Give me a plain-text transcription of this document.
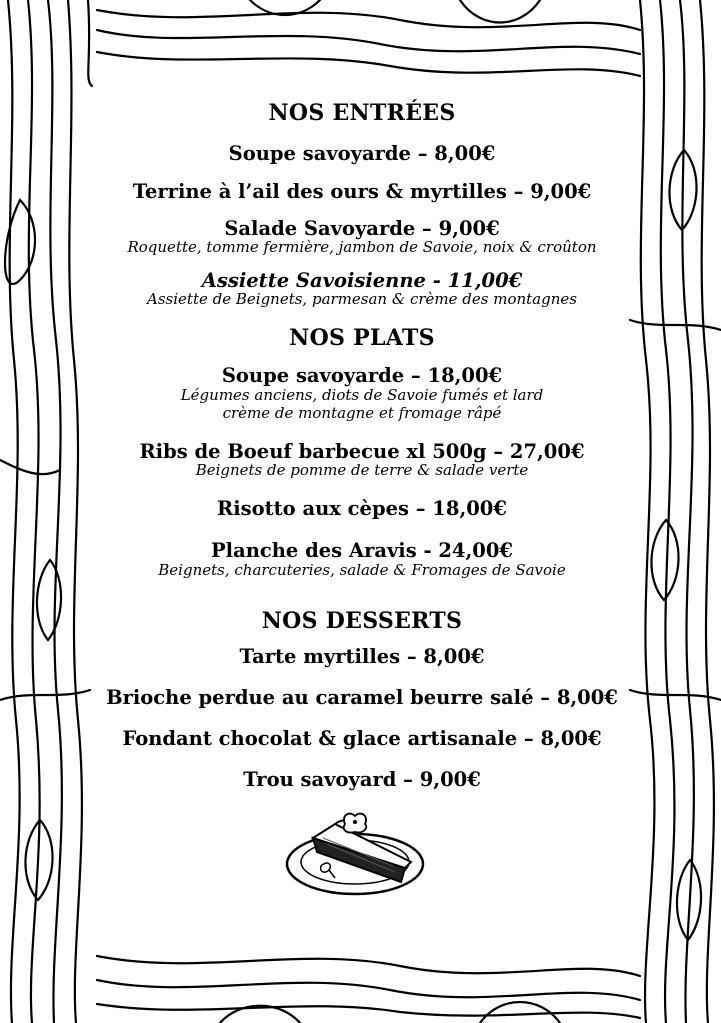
NOS ENTRÉES
Soupe savoyarde – 8,00€
Terrine à l’ail des ours & myrtilles – 9,00€
Salade Savoyarde – 9,00€
Roquette, tomme fermière, jambon de Savoie, noix & croûton
Assiette Savoisienne - 11,00€
Assiette de Beignets, parmesan & crème des montagnes
NOS PLATS
Soupe savoyarde – 18,00€
Légumes anciens, diots de Savoie fumés et lard
crème de montagne et fromage râpé
Ribs de Boeuf barbecue xl 500g – 27,00€
Beignets de pomme de terre & salade verte
Risotto aux cèpes – 18,00€
Planche des Aravis - 24,00€
Beignets, charcuteries, salade & Fromages de Savoie
NOS DESSERTS
Tarte myrtilles – 8,00€
Brioche perdue au caramel beurre salé – 8,00€
Fondant chocolat & glace artisanale – 8,00€
Trou savoyard – 9,00€
